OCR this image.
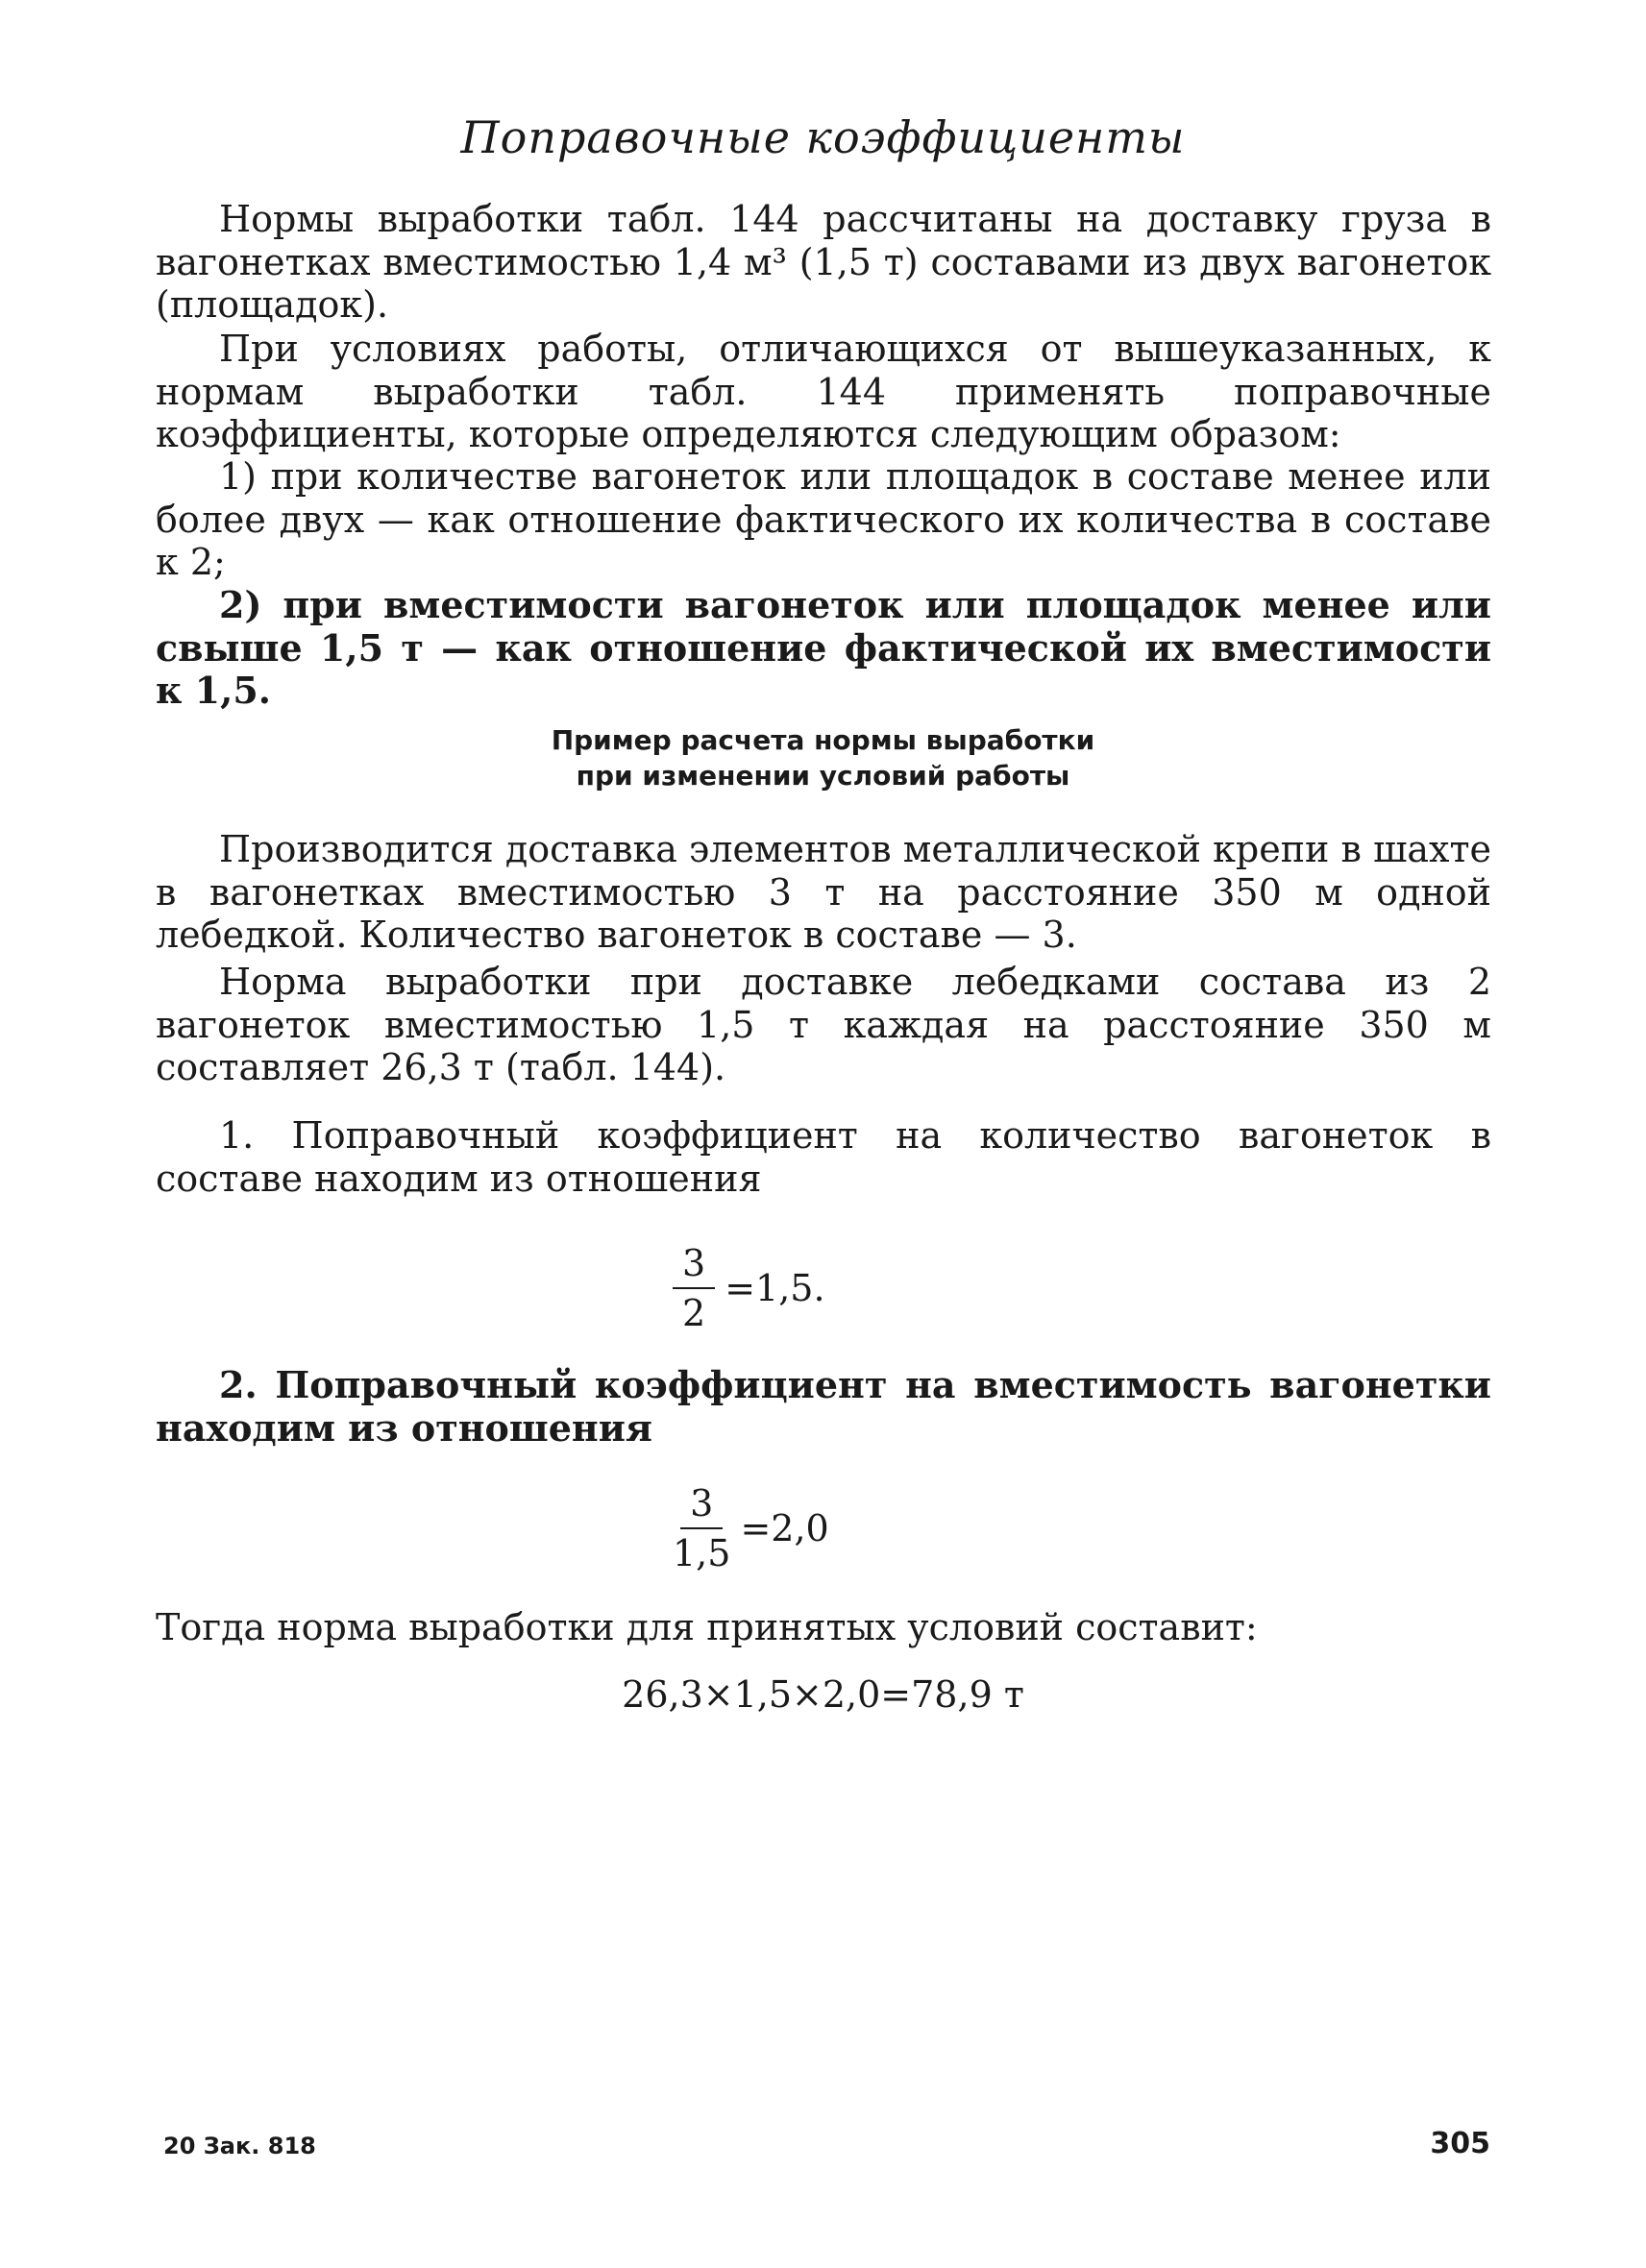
Поправочные коэффициенты

Нормы выработки табл. 144 рассчитаны на доставку груза в вагонетках вместимостью 1,4 м³ (1,5 т) составами из двух вагонеток (площадок).

При условиях работы, отличающихся от вышеуказанных, к нормам выработки табл. 144 применять поправочные коэффициенты, которые определяются следующим образом:

1) при количестве вагонеток или площадок в составе менее или более двух — как отношение фактического их количества в составе к 2;

2) при вместимости вагонеток или площадок менее или свыше 1,5 т — как отношение фактической их вместимости к 1,5.

Пример расчета нормы выработки
при изменении условий работы

Производится доставка элементов металлической крепи в шахте в вагонетках вместимостью 3 т на расстояние 350 м одной лебедкой. Количество вагонеток в составе — 3.

Норма выработки при доставке лебедками состава из 2 вагонеток вместимостью 1,5 т каждая на расстояние 350 м составляет 26,3 т (табл. 144).

1. Поправочный коэффициент на количество вагонеток в составе находим из отношения

$\frac{3}{2} =1,5$.

2. Поправочный коэффициент на вместимость вагонетки находим из отношения

$\frac{3}{1,5} =2,0$

Тогда норма выработки для принятых условий составит:

26,3×1,5×2,0=78,9 т

20 Зак. 818	305
